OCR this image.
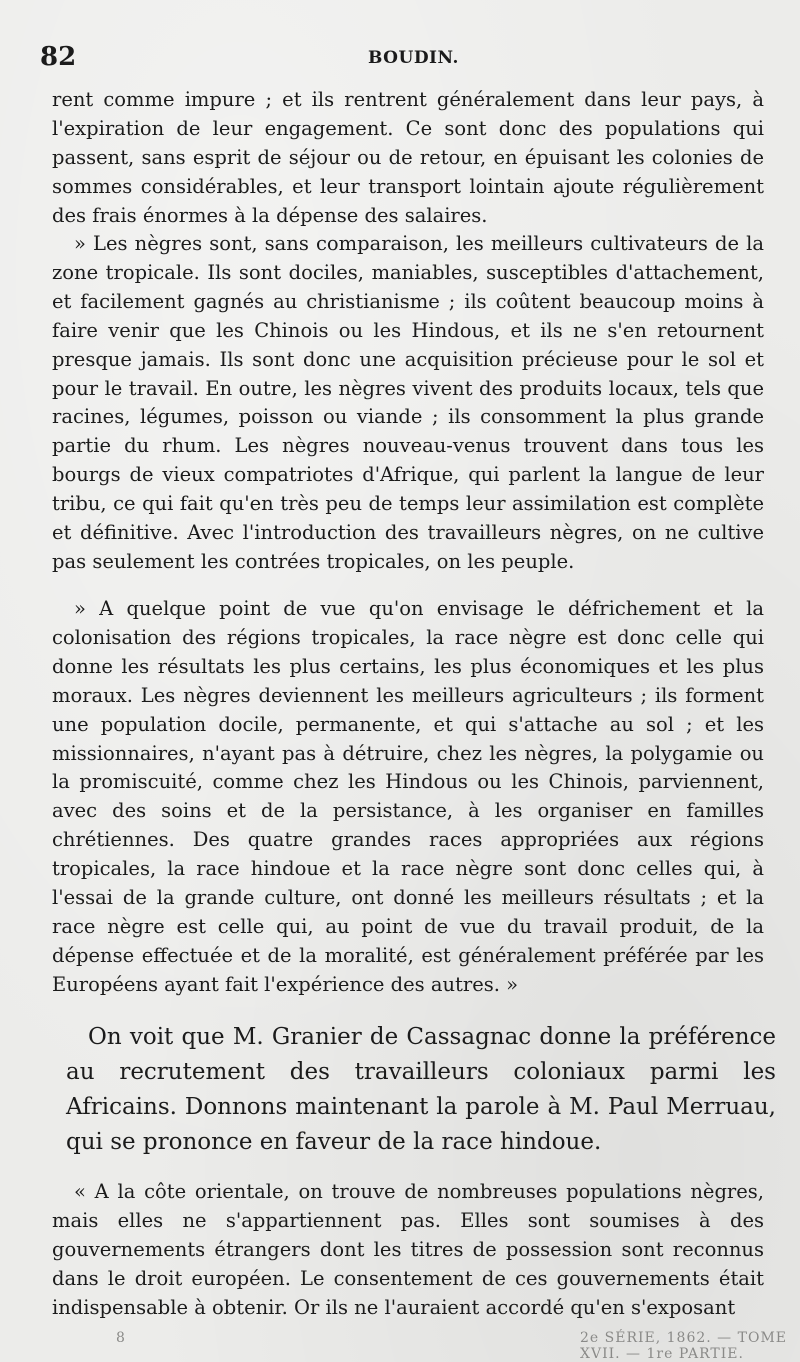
82	BOUDIN.

rent comme impure ; et ils rentrent généralement dans leur pays, à l'expiration de leur engagement. Ce sont donc des populations qui passent, sans esprit de séjour ou de retour, en épuisant les colonies de sommes considérables, et leur transport lointain ajoute régulièrement des frais énormes à la dépense des salaires.

» Les nègres sont, sans comparaison, les meilleurs cultivateurs de la zone tropicale. Ils sont dociles, maniables, susceptibles d'attachement, et facilement gagnés au christianisme ; ils coûtent beaucoup moins à faire venir que les Chinois ou les Hindous, et ils ne s'en retournent presque jamais. Ils sont donc une acquisition précieuse pour le sol et pour le travail. En outre, les nègres vivent des produits locaux, tels que racines, légumes, poisson ou viande ; ils consomment la plus grande partie du rhum. Les nègres nouveau-venus trouvent dans tous les bourgs de vieux compatriotes d'Afrique, qui parlent la langue de leur tribu, ce qui fait qu'en très peu de temps leur assimilation est complète et définitive. Avec l'introduction des travailleurs nègres, on ne cultive pas seulement les contrées tropicales, on les peuple.

» A quelque point de vue qu'on envisage le défrichement et la colonisation des régions tropicales, la race nègre est donc celle qui donne les résultats les plus certains, les plus économiques et les plus moraux. Les nègres deviennent les meilleurs agriculteurs ; ils forment une population docile, permanente, et qui s'attache au sol ; et les missionnaires, n'ayant pas à détruire, chez les nègres, la polygamie ou la promiscuité, comme chez les Hindous ou les Chinois, parviennent, avec des soins et de la persistance, à les organiser en familles chrétiennes. Des quatre grandes races appropriées aux régions tropicales, la race hindoue et la race nègre sont donc celles qui, à l'essai de la grande culture, ont donné les meilleurs résultats ; et la race nègre est celle qui, au point de vue du travail produit, de la dépense effectuée et de la moralité, est généralement préférée par les Européens ayant fait l'expérience des autres. »

On voit que M. Granier de Cassagnac donne la préférence au recrutement des travailleurs coloniaux parmi les Africains. Donnons maintenant la parole à M. Paul Merruau, qui se prononce en faveur de la race hindoue.

« A la côte orientale, on trouve de nombreuses populations nègres, mais elles ne s'appartiennent pas. Elles sont soumises à des gouvernements étrangers dont les titres de possession sont reconnus dans le droit européen. Le consentement de ces gouvernements était indispensable à obtenir. Or ils ne l'auraient accordé qu'en s'exposant

8	2e SÉRIE, 1862. — TOME XVII. — 1re PARTIE.
